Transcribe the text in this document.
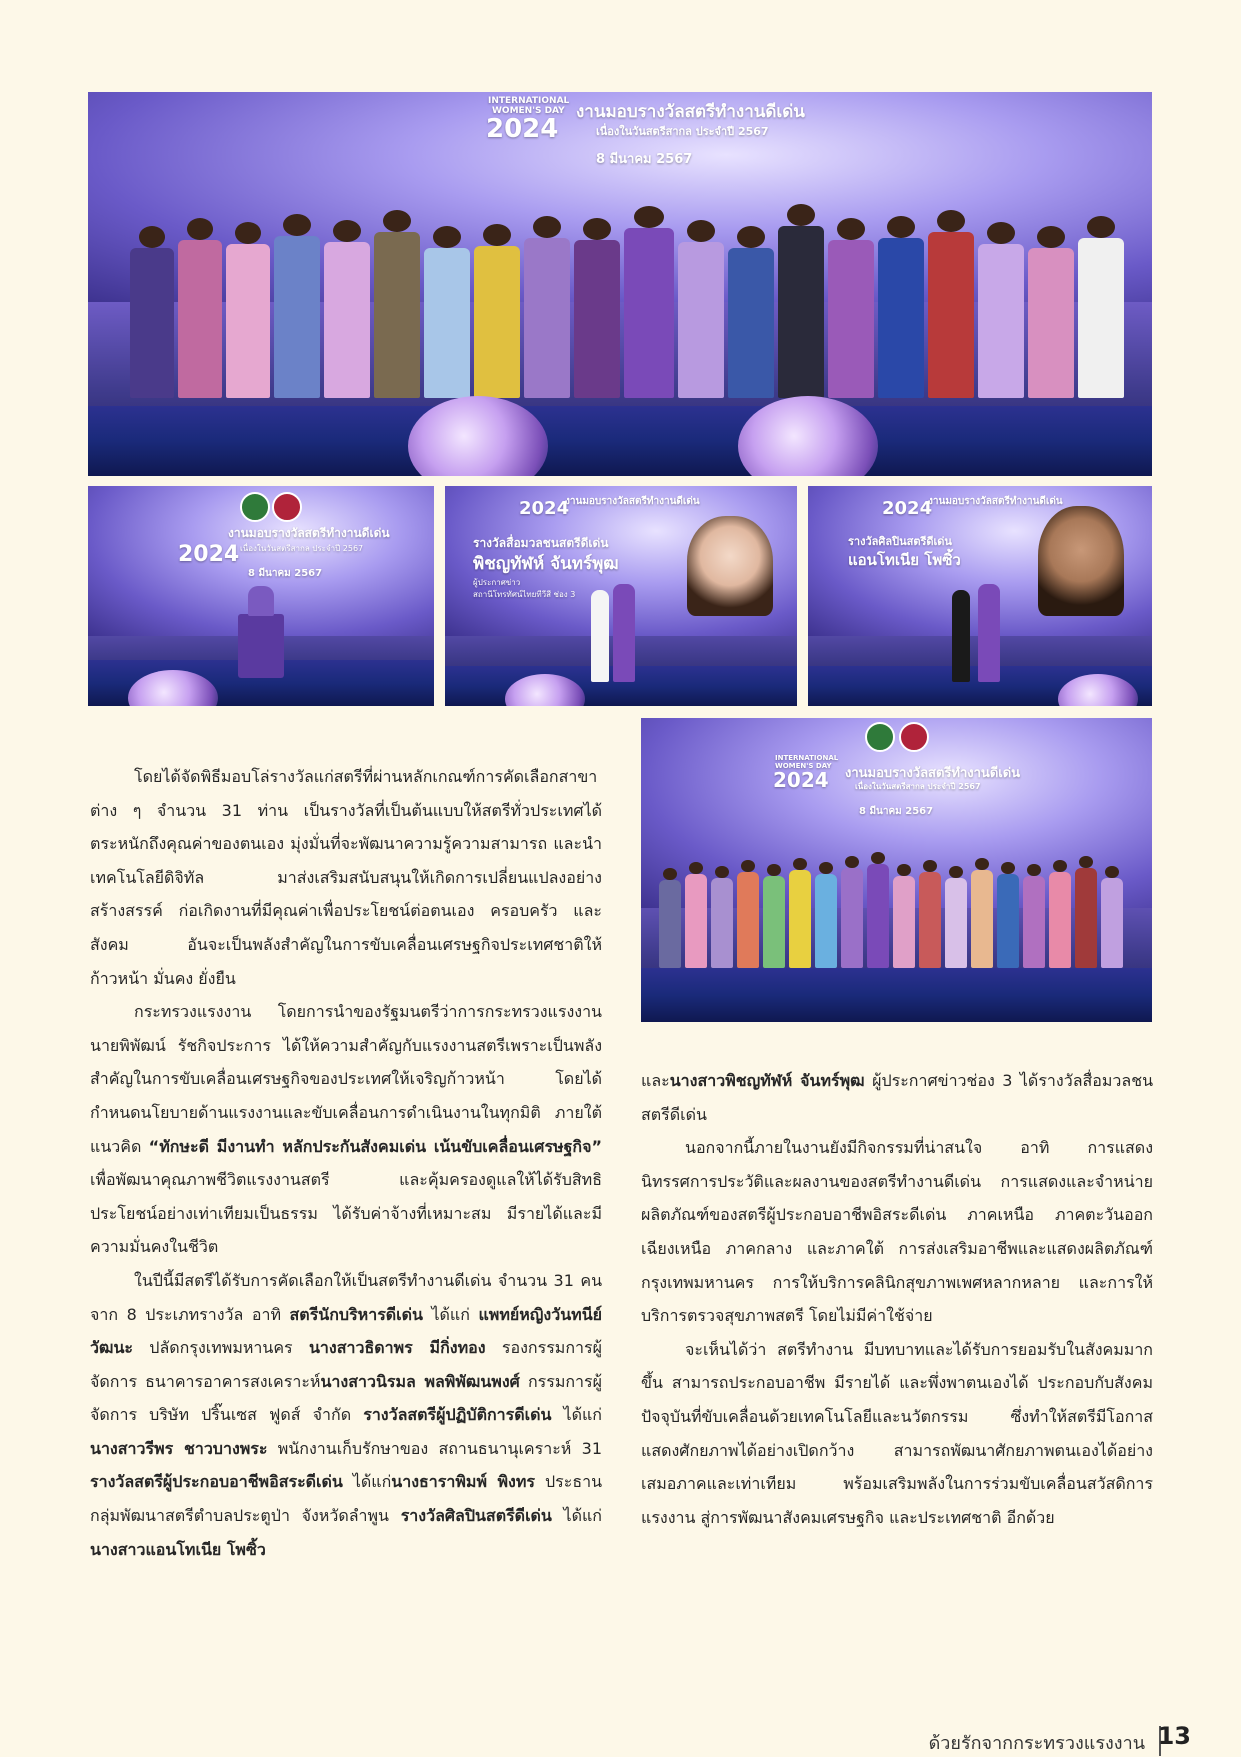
INTERNATIONAL
WOMEN'S DAY
2024
งานมอบรางวัลสตรีทำงานดีเด่น
เนื่องในวันสตรีสากล ประจำปี 2567
8 มีนาคม 2567
งานมอบรางวัลสตรีทำงานดีเด่น
2024 เนื่องในวันสตรีสากล ประจำปี 2567
8 มีนาคม 2567
งานมอบรางวัลสตรีทำงานดีเด่น
2024
รางวัลสื่อมวลชนสตรีดีเด่น
พิชญทัฬห์ จันทร์พุฒ
ผู้ประกาศข่าว
สถานีโทรทัศน์ไทยทีวีสี ช่อง 3
งานมอบรางวัลสตรีทำงานดีเด่น
2024
รางวัลศิลปินสตรีดีเด่น
แอนโทเนีย โพซิ้ว
INTERNATIONAL
WOMEN'S DAY
2024 งานมอบรางวัลสตรีทำงานดีเด่น
เนื่องในวันสตรีสากล ประจำปี 2567
8 มีนาคม 2567

โดยได้จัดพิธีมอบโล่รางวัลแก่สตรีที่ผ่านหลักเกณฑ์การคัดเลือกสาขาต่าง ๆ จำนวน 31 ท่าน เป็นรางวัลที่เป็นต้นแบบให้สตรีทั่วประเทศได้ตระหนักถึงคุณค่าของตนเอง มุ่งมั่นที่จะพัฒนาความรู้ความสามารถ และนำเทคโนโลยีดิจิทัล มาส่งเสริมสนับสนุนให้เกิดการเปลี่ยนแปลงอย่างสร้างสรรค์ ก่อเกิดงานที่มีคุณค่าเพื่อประโยชน์ต่อตนเอง ครอบครัว และสังคม อันจะเป็นพลังสำคัญในการขับเคลื่อนเศรษฐกิจประเทศชาติให้ก้าวหน้า มั่นคง ยั่งยืน

กระทรวงแรงงาน โดยการนำของรัฐมนตรีว่าการกระทรวงแรงงานนายพิพัฒน์ รัชกิจประการ ได้ให้ความสำคัญกับแรงงานสตรีเพราะเป็นพลังสำคัญในการขับเคลื่อนเศรษฐกิจของประเทศให้เจริญก้าวหน้า โดยได้กำหนดนโยบายด้านแรงงานและขับเคลื่อนการดำเนินงานในทุกมิติ ภายใต้แนวคิด “ทักษะดี มีงานทำ หลักประกันสังคมเด่น เน้นขับเคลื่อนเศรษฐกิจ” เพื่อพัฒนาคุณภาพชีวิตแรงงานสตรี และคุ้มครองดูแลให้ได้รับสิทธิประโยชน์อย่างเท่าเทียมเป็นธรรม ได้รับค่าจ้างที่เหมาะสม มีรายได้และมีความมั่นคงในชีวิต

ในปีนี้มีสตรีได้รับการคัดเลือกให้เป็นสตรีทำงานดีเด่น จำนวน 31 คน จาก 8 ประเภทรางวัล อาทิ สตรีนักบริหารดีเด่น ได้แก่ แพทย์หญิงวันทนีย์ วัฒนะ ปลัดกรุงเทพมหานคร นางสาวธิดาพร มีกิ่งทอง รองกรรมการผู้จัดการ ธนาคารอาคารสงเคราะห์นางสาวนิรมล พลพิพัฒนพงศ์ กรรมการผู้จัดการ บริษัท ปริ๊นเซส ฟูดส์ จำกัด รางวัลสตรีผู้ปฏิบัติการดีเด่น ได้แก่ นางสาวรีพร ชาวบางพระ พนักงานเก็บรักษาของ สถานธนานุเคราะห์ 31 รางวัลสตรีผู้ประกอบอาชีพอิสระดีเด่น ได้แก่นางธาราพิมพ์ พิงทร ประธานกลุ่มพัฒนาสตรีตำบลประตูป่า จังหวัดลำพูน รางวัลศิลปินสตรีดีเด่น ได้แก่ นางสาวแอนโทเนีย โพซิ้ว

และนางสาวพิชญทัฬห์ จันทร์พุฒ ผู้ประกาศข่าวช่อง 3 ได้รางวัลสื่อมวลชนสตรีดีเด่น

นอกจากนี้ภายในงานยังมีกิจกรรมที่น่าสนใจ อาทิ การแสดงนิทรรศการประวัติและผลงานของสตรีทำงานดีเด่น การแสดงและจำหน่ายผลิตภัณฑ์ของสตรีผู้ประกอบอาชีพอิสระดีเด่น ภาคเหนือ ภาคตะวันออกเฉียงเหนือ ภาคกลาง และภาคใต้ การส่งเสริมอาชีพและแสดงผลิตภัณฑ์กรุงเทพมหานคร การให้บริการคลินิกสุขภาพเพศหลากหลาย และการให้บริการตรวจสุขภาพสตรี โดยไม่มีค่าใช้จ่าย

จะเห็นได้ว่า สตรีทำงาน มีบทบาทและได้รับการยอมรับในสังคมมากขึ้น สามารถประกอบอาชีพ มีรายได้ และพึ่งพาตนเองได้ ประกอบกับสังคมปัจจุบันที่ขับเคลื่อนด้วยเทคโนโลยีและนวัตกรรม ซึ่งทำให้สตรีมีโอกาสแสดงศักยภาพได้อย่างเปิดกว้าง สามารถพัฒนาศักยภาพตนเองได้อย่างเสมอภาคและเท่าเทียม พร้อมเสริมพลังในการร่วมขับเคลื่อนสวัสดิการแรงงาน สู่การพัฒนาสังคมเศรษฐกิจ และประเทศชาติ อีกด้วย

ด้วยรักจากกระทรวงแรงงาน 13
